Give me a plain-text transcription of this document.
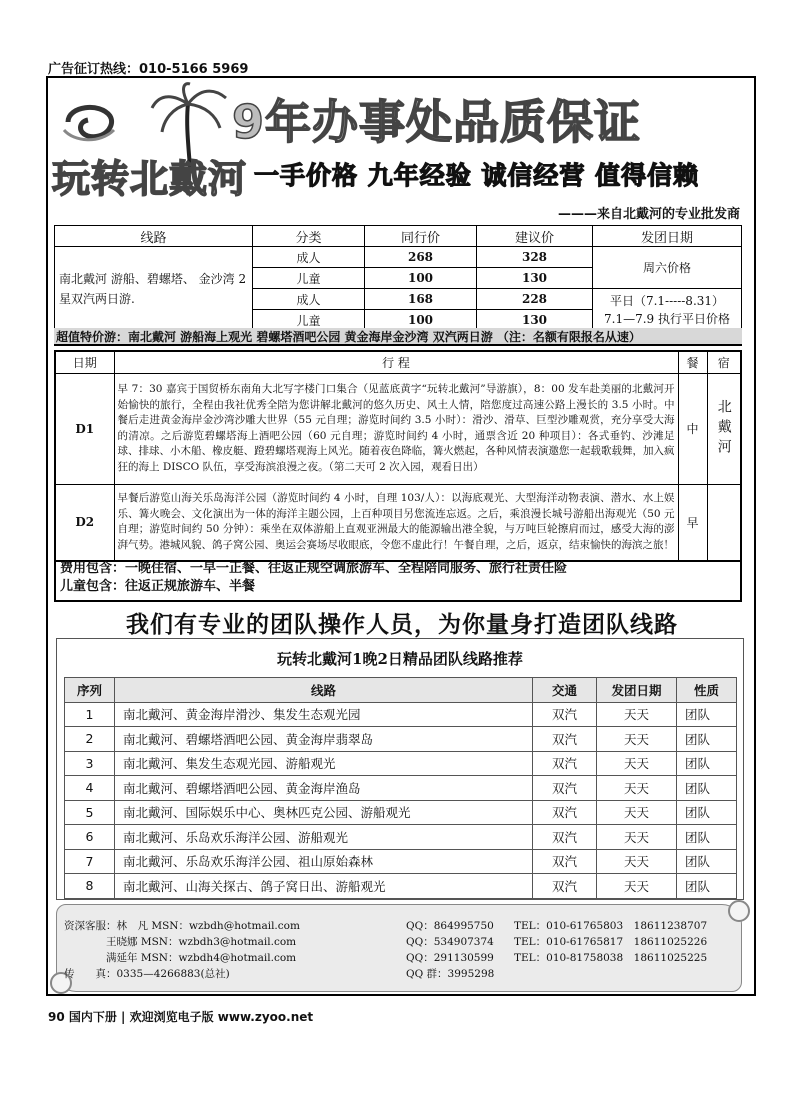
广告征订热线：010-5166 5969
9年办事处品质保证
玩转北戴河 一手价格 九年经验 诚信经营 值得信赖
———来自北戴河的专业批发商
线路	分类	同行价	建议价	发团日期
南北戴河 游船、碧螺塔、 金沙湾 2星双汽两日游.	成人	268	328	周六价格
	儿童	100	130	
	成人	168	228	平日（7.1-----8.31）
7.1—7.9 执行平日价格

	儿童	100	130	
超值特价游：南北戴河 游船海上观光 碧螺塔酒吧公园 黄金海岸金沙湾 双汽两日游 （注：名额有限报名从速）
日期	行 程	餐	宿
D1	早 7：30 嘉宾于国贸桥东南角大北写字楼门口集合（见蓝底黄字“玩转北戴河”导游旗），8：00 发车赴美丽的北戴河开始愉快的旅行，全程由我社优秀全陪为您讲解北戴河的悠久历史、风土人情，陪您度过高速公路上漫长的 3.5 小时。中餐后走进黄金海岸金沙湾沙雕大世界（55 元自理；游览时间约 3.5 小时）：滑沙、滑草、巨型沙雕观赏，充分享受大海的清凉。之后游览碧螺塔海上酒吧公园（60 元自理；游览时间约 4 小时，通票含近 20 种项目）：各式垂钓、沙滩足球、排球、小木船、橡皮艇、蹬碧螺塔观海上风光。随着夜色降临，篝火燃起，各种风情表演邀您一起载歌载舞，加入疯狂的海上 DISCO 队伍，享受海滨浪漫之夜。（第二天可 2 次入园，观看日出）	中	北戴河
D2	早餐后游览山海关乐岛海洋公园（游览时间约 4 小时，自理 103/人）：以海底观光、大型海洋动物表演、潜水、水上娱乐、篝火晚会、文化演出为一体的海洋主题公园，上百种项目另您流连忘返。之后，乘浪漫长城号游船出海观光（50 元自理；游览时间约 50 分钟）：乘坐在双体游船上直观亚洲最大的能源输出港全貌，与万吨巨轮擦肩而过，感受大海的澎湃气势。港城风貌、鸽子窝公园、奥运会赛场尽收眼底，令您不虚此行！午餐自理，之后，返京，结束愉快的海滨之旅！	早	
费用包含：一晚住宿、一早一正餐、往返正规空调旅游车、全程陪同服务、旅行社责任险
儿童包含：往返正规旅游车、半餐
我们有专业的团队操作人员，为你量身打造团队线路
玩转北戴河1晚2日精品团队线路推荐
序列	线路	交通	发团日期	性质
1	南北戴河、黄金海岸滑沙、集发生态观光园	双汽	天天	团队
2	南北戴河、碧螺塔酒吧公园、黄金海岸翡翠岛	双汽	天天	团队
3	南北戴河、集发生态观光园、游船观光	双汽	天天	团队
4	南北戴河、碧螺塔酒吧公园、黄金海岸渔岛	双汽	天天	团队
5	南北戴河、国际娱乐中心、奥林匹克公园、游船观光	双汽	天天	团队
6	南北戴河、乐岛欢乐海洋公园、游船观光	双汽	天天	团队
7	南北戴河、乐岛欢乐海洋公园、祖山原始森林	双汽	天天	团队
8	南北戴河、山海关探古、鸽子窝日出、游船观光	双汽	天天	团队
资深客服：林　凡 MSN：wzbdh@hotmail.com	QQ：864995750 TEL：010-61765803　18611238707
　　　　王晓娜 MSN：wzbdh3@hotmail.com	QQ：534907374 TEL：010-61765817　18611025226
　　　　满延年 MSN：wzbdh4@hotmail.com	QQ：291130599 TEL：010-81758038　18611025225
传　　真：0335—4266883(总社)	QQ 群：3995298
90 国内下册 | 欢迎浏览电子版 www.zyoo.net
